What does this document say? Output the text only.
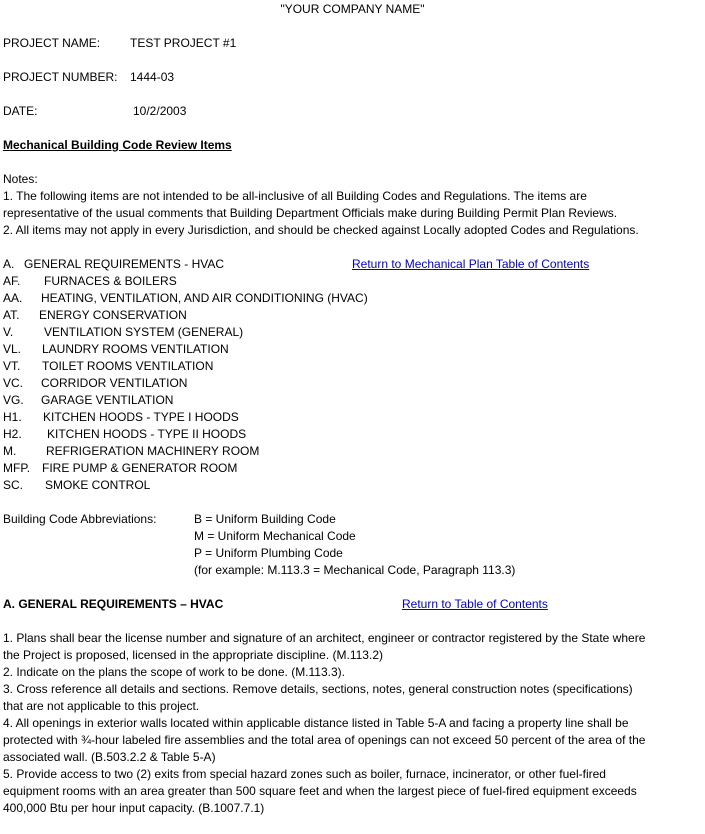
"YOUR COMPANY NAME"
PROJECT NAME: TEST PROJECT #1
PROJECT NUMBER: 1444-03
DATE:	10/2/2003
Mechanical Building Code Review Items
Notes:
1. The following items are not intended to be all-inclusive of all Building Codes and Regulations. The items are
representative of the usual comments that Building Department Officials make during Building Permit Plan Reviews.
2. All items may not apply in every Jurisdiction, and should be checked against Locally adopted Codes and Regulations.
Return to Mechanical Plan Table of Contents
A. GENERAL REQUIREMENTS - HVAC
AF. FURNACES & BOILERS
AA. HEATING, VENTILATION, AND AIR CONDITIONING (HVAC)
AT. ENERGY CONSERVATION
V.	VENTILATION SYSTEM (GENERAL)
VL. LAUNDRY ROOMS VENTILATION
VT. TOILET ROOMS VENTILATION
VC. CORRIDOR VENTILATION
VG. GARAGE VENTILATION
H1. KITCHEN HOODS - TYPE I HOODS
H2. KITCHEN HOODS - TYPE II HOODS
M. REFRIGERATION MACHINERY ROOM
MFP. FIRE PUMP & GENERATOR ROOM
SC. SMOKE CONTROL
Building Code Abbreviations:	B = Uniform Building Code
M = Uniform Mechanical Code
P = Uniform Plumbing Code
(for example: M.113.3 = Mechanical Code, Paragraph 113.3)
A. GENERAL REQUIREMENTS – HVAC	Return to Table of Contents
1. Plans shall bear the license number and signature of an architect, engineer or contractor registered by the State where
the Project is proposed, licensed in the appropriate discipline. (M.113.2)
2. Indicate on the plans the scope of work to be done. (M.113.3).
3. Cross reference all details and sections. Remove details, sections, notes, general construction notes (specifications)
that are not applicable to this project.
4. All openings in exterior walls located within applicable distance listed in Table 5-A and facing a property line shall be
protected with ¾-hour labeled fire assemblies and the total area of openings can not exceed 50 percent of the area of the
associated wall. (B.503.2.2 & Table 5-A)
5. Provide access to two (2) exits from special hazard zones such as boiler, furnace, incinerator, or other fuel-fired
equipment rooms with an area greater than 500 square feet and when the largest piece of fuel-fired equipment exceeds
400,000 Btu per hour input capacity. (B.1007.7.1)
